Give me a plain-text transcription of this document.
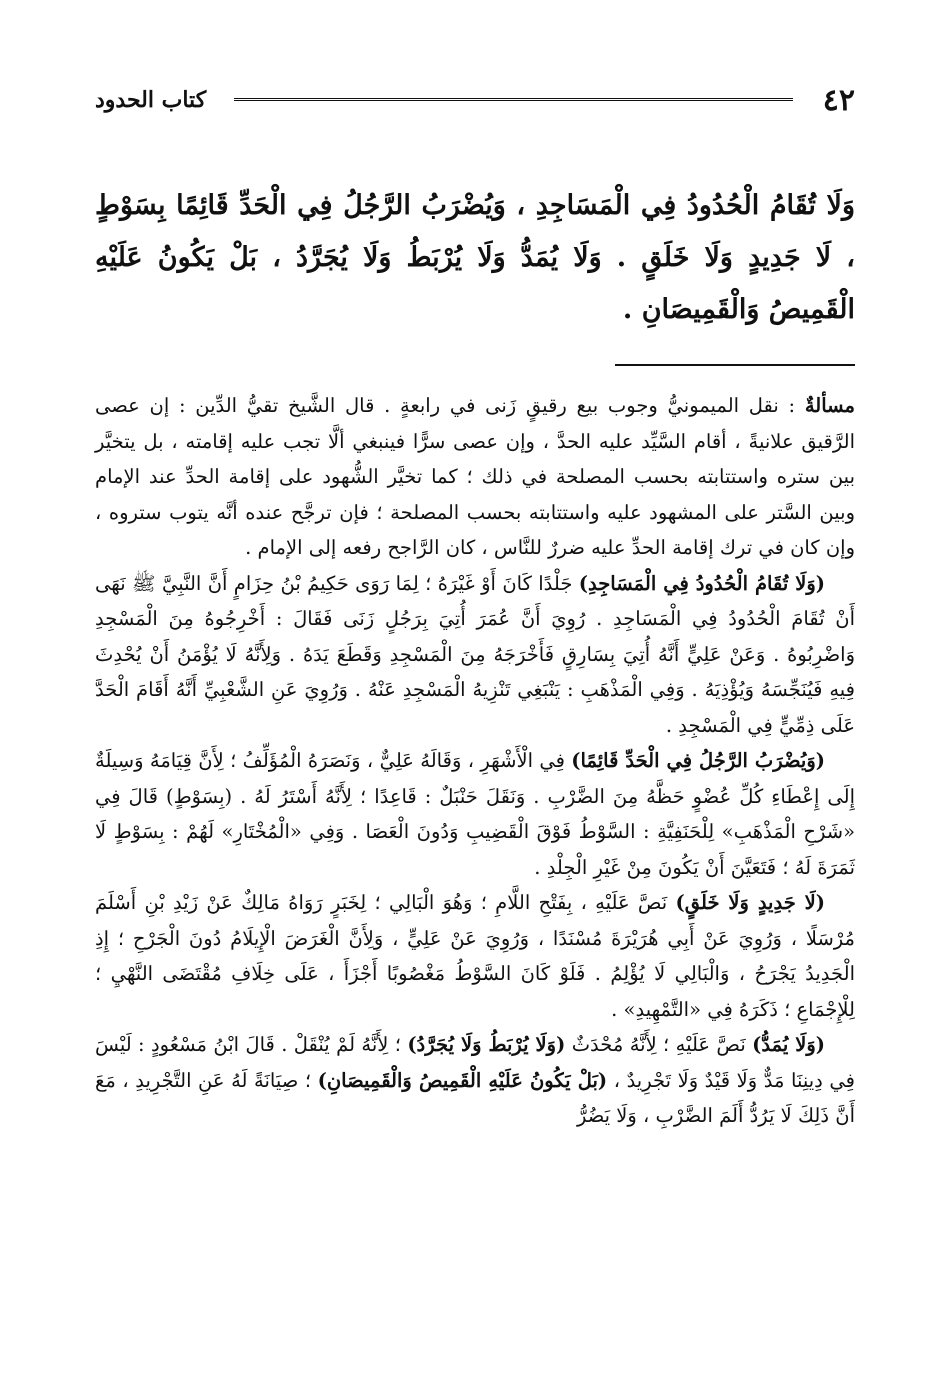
٤٢
كتاب الحدود
وَلَا تُقَامُ الْحُدُودُ فِي الْمَسَاجِدِ ، وَيُضْرَبُ الرَّجُلُ فِي الْحَدِّ قَائِمًا بِسَوْطٍ ، لَا جَدِيدٍ وَلَا خَلَقٍ . وَلَا يُمَدُّ وَلَا يُرْبَطُ وَلَا يُجَرَّدُ ، بَلْ يَكُونُ عَلَيْهِ الْقَمِيصُ وَالْقَمِيصَانِ .

مسألةٌ : نقل الميمونيُّ وجوب بيع رقيقٍ زَنى في رابعةٍ . قال الشَّيخ تقيُّ الدِّين : إن عصى الرَّقيق علانيةً ، أقام السَّيِّد عليه الحدَّ ، وإن عصى سرًّا فينبغي ألَّا تجب عليه إقامته ، بل يتخيَّر بين ستره واستتابته بحسب المصلحة في ذلك ؛ كما تخيَّر الشُّهود على إقامة الحدِّ عند الإمام وبين السَّتر على المشهود عليه واستتابته بحسب المصلحة ؛ فإن ترجَّح عنده أنَّه يتوب ستروه ، وإن كان في ترك إقامة الحدِّ عليه ضررٌ للنَّاس ، كان الرَّاجح رفعه إلى الإمام .

(وَلَا تُقَامُ الْحُدُودُ فِي الْمَسَاجِدِ) جَلْدًا كَانَ أَوْ غَيْرَهُ ؛ لِمَا رَوَى حَكِيمُ بْنُ حِزَامٍ أَنَّ النَّبِيَّ ﷺ نَهَى أَنْ تُقَامَ الْحُدُودُ فِي الْمَسَاجِدِ . رُوِيَ أَنَّ عُمَرَ أُتِيَ بِرَجُلٍ زَنَى فَقَالَ : أَخْرِجُوهُ مِنَ الْمَسْجِدِ وَاضْرِبُوهُ . وَعَنْ عَلِيٍّ أَنَّهُ أُتِيَ بِسَارِقٍ فَأَخْرَجَهُ مِنَ الْمَسْجِدِ وَقَطَعَ يَدَهُ . وَلِأَنَّهُ لَا يُؤْمَنُ أَنْ يُحْدِثَ فِيهِ فَيُنَجِّسَهُ وَيُؤْذِيَهُ . وَفِي الْمَذْهَبِ : يَنْبَغِي تَنْزِيهُ الْمَسْجِدِ عَنْهُ . وَرُوِيَ عَنِ الشَّعْبِيِّ أَنَّهُ أَقَامَ الْحَدَّ عَلَى ذِمِّيٍّ فِي الْمَسْجِدِ .

(وَيُضْرَبُ الرَّجُلُ فِي الْحَدِّ قَائِمًا) فِي الْأَشْهَرِ ، وَقَالَهُ عَلِيٌّ ، وَنَصَرَهُ الْمُؤَلِّفُ ؛ لِأَنَّ قِيَامَهُ وَسِيلَةٌ إِلَى إِعْطَاءِ كُلِّ عُضْوٍ حَظَّهُ مِنَ الضَّرْبِ . وَنَقَلَ حَنْبَلٌ : قَاعِدًا ؛ لِأَنَّهُ أَسْتَرُ لَهُ . (بِسَوْطٍ) قَالَ فِي «شَرْحِ الْمَذْهَبِ» لِلْحَنَفِيَّةِ : السَّوْطُ فَوْقَ الْقَضِيبِ وَدُونَ الْعَصَا . وَفِي «الْمُخْتَارِ» لَهُمْ : بِسَوْطٍ لَا ثَمَرَةَ لَهُ ؛ فَتَعَيَّنَ أَنْ يَكُونَ مِنْ غَيْرِ الْجِلْدِ .

(لَا جَدِيدٍ وَلَا خَلَقٍ) نَصَّ عَلَيْهِ ، بِفَتْحِ اللَّامِ ؛ وَهُوَ الْبَالِي ؛ لِخَبَرٍ رَوَاهُ مَالِكٌ عَنْ زَيْدِ بْنِ أَسْلَمَ مُرْسَلًا ، وَرُوِيَ عَنْ أَبِي هُرَيْرَةَ مُسْنَدًا ، وَرُوِيَ عَنْ عَلِيٍّ ، وَلِأَنَّ الْغَرَضَ الْإِيلَامُ دُونَ الْجَرْحِ ؛ إِذِ الْجَدِيدُ يَجْرَحُ ، وَالْبَالِي لَا يُؤْلِمُ . فَلَوْ كَانَ السَّوْطُ مَغْصُوبًا أَجْزَأَ ، عَلَى خِلَافِ مُقْتَضَى النَّهْيِ ؛ لِلْإِجْمَاعِ ؛ ذَكَرَهُ فِي «التَّمْهِيدِ» .

(وَلَا يُمَدُّ) نَصَّ عَلَيْهِ ؛ لِأَنَّهُ مُحْدَثٌ (وَلَا يُرْبَطُ وَلَا يُجَرَّدُ) ؛ لِأَنَّهُ لَمْ يُنْقَلْ . قَالَ ابْنُ مَسْعُودٍ : لَيْسَ فِي دِينِنَا مَدٌّ وَلَا قَيْدٌ وَلَا تَجْرِيدٌ ، (بَلْ يَكُونُ عَلَيْهِ الْقَمِيصُ وَالْقَمِيصَانِ) ؛ صِيَانَةً لَهُ عَنِ التَّجْرِيدِ ، مَعَ أَنَّ ذَلِكَ لَا يَرُدُّ أَلَمَ الضَّرْبِ ، وَلَا يَضُرُّ
